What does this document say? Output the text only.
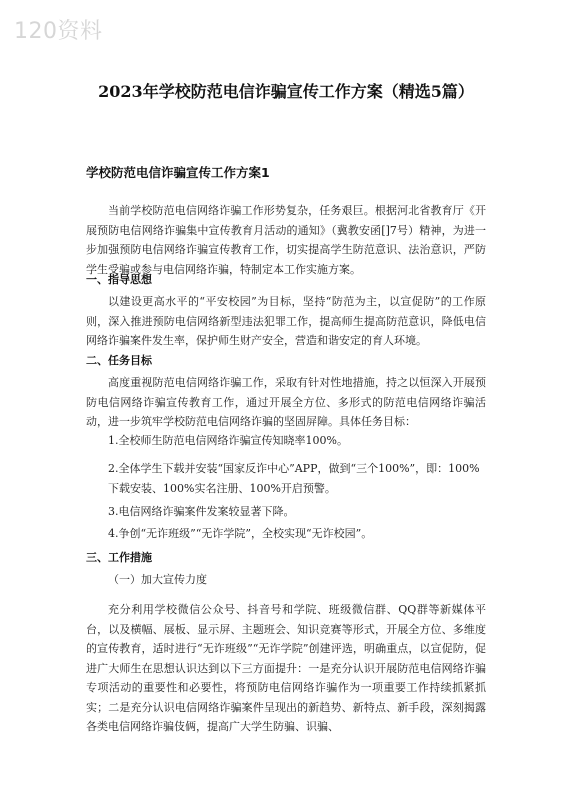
120资料
2023年学校防范电信诈骗宣传工作方案（精选5篇）
学校防范电信诈骗宣传工作方案1
当前学校防范电信网络诈骗工作形势复杂，任务艰巨。根据河北省教育厅《开展预防电信网络诈骗集中宣传教育月活动的通知》（冀教安函[]7号）精神，为进一步加强预防电信网络诈骗宣传教育工作，切实提高学生防范意识、法治意识，严防学生受骗或参与电信网络诈骗，特制定本工作实施方案。
一、指导思想
以建设更高水平的“平安校园”为目标，坚持“防范为主，以宣促防”的工作原则，深入推进预防电信网络新型违法犯罪工作，提高师生提高防范意识，降低电信网络诈骗案件发生率，保护师生财产安全，营造和谐安定的育人环境。
二、任务目标
高度重视防范电信网络诈骗工作，采取有针对性地措施，持之以恒深入开展预防电信网络诈骗宣传教育工作，通过开展全方位、多形式的防范电信网络诈骗活动，进一步筑牢学校防范电信网络诈骗的坚固屏障。具体任务目标：
1.全校师生防范电信网络诈骗宣传知晓率100%。
2.全体学生下载并安装“国家反诈中心”APP，做到“三个100%”，即：100%下载安装、100%实名注册、100%开启预警。
3.电信网络诈骗案件发案较显著下降。
4.争创“无诈班级”“无诈学院”，全校实现“无诈校园”。
三、工作措施
（一）加大宣传力度
充分利用学校微信公众号、抖音号和学院、班级微信群、QQ群等新媒体平台，以及横幅、展板、显示屏、主题班会、知识竞赛等形式，开展全方位、多维度的宣传教育，适时进行“无诈班级”“无诈学院”创建评选，明确重点，以宣促防，促进广大师生在思想认识达到以下三方面提升：一是充分认识开展防范电信网络诈骗专项活动的重要性和必要性，将预防电信网络诈骗作为一项重要工作持续抓紧抓实；二是充分认识电信网络诈骗案件呈现出的新趋势、新特点、新手段，深刻揭露各类电信网络诈骗伎俩，提高广大学生防骗、识骗、
